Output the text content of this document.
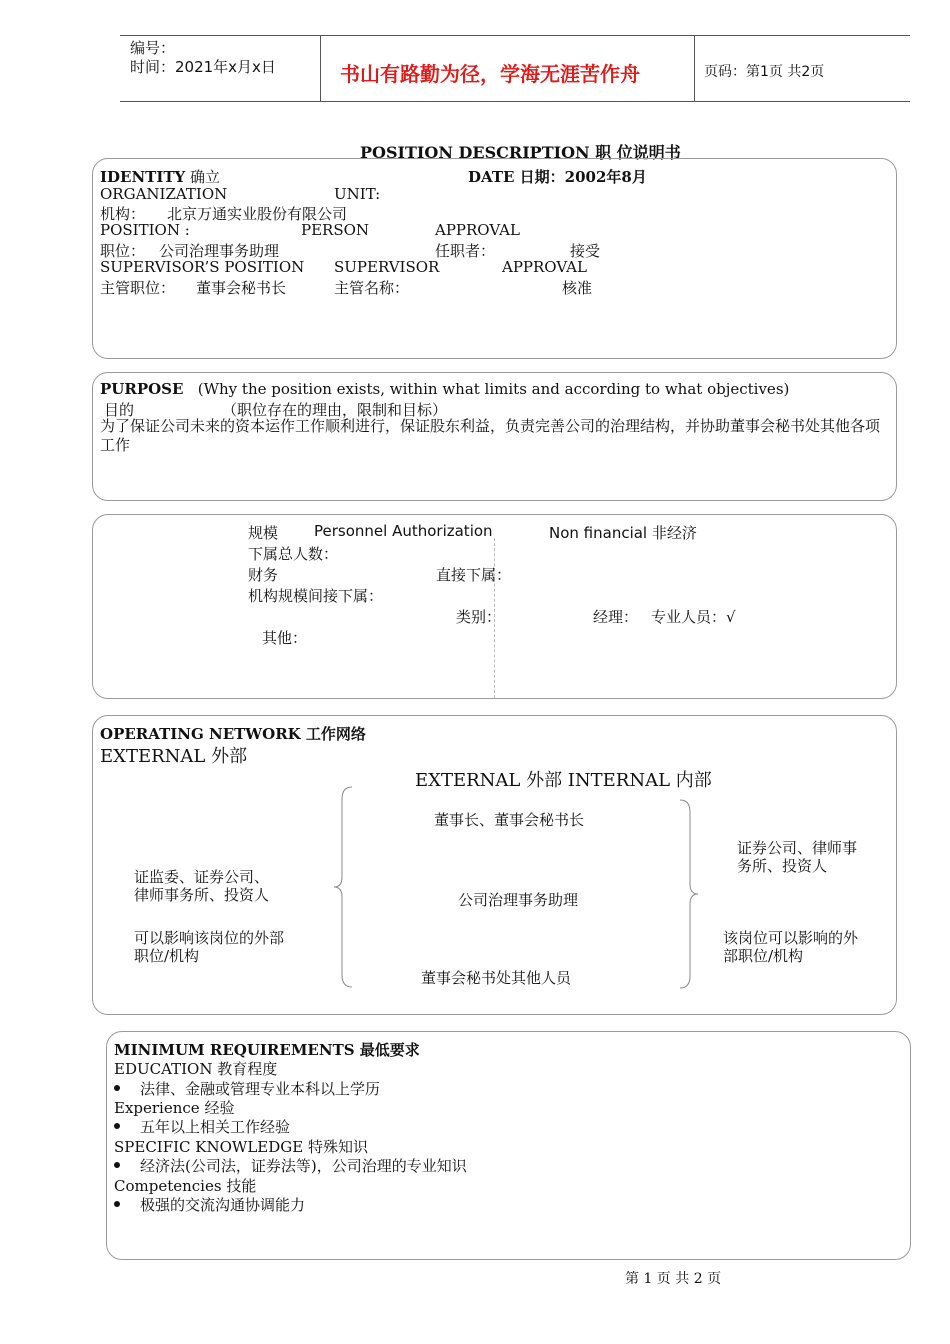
编号：
时间：2021年x月x日	书山有路勤为径，学海无涯苦作舟	页码：第1页 共2页
POSITION DESCRIPTION 职 位说明书
IDENTITY 确立	DATE 日期：2002年8月
ORGANIZATION	UNIT:
机构： 北京万通实业股份有限公司
POSITION :	PERSON	APPROVAL
职位： 公司治理事务助理	任职者：	接受
SUPERVISOR’S POSITION SUPERVISOR	APPROVAL
主管职位： 董事会秘书长	主管名称：	核准
PURPOSE (Why the position exists, within what limits and according to what objectives)
目的	（职位存在的理由，限制和目标）
为了保证公司未来的资本运作工作顺利进行，保证股东利益，负责完善公司的治理结构，并协助董事会秘书处其他各项工作
规模 Personnel Authorization	Non financial 非经济
下属总人数：
财务	直接下属：
机构规模间接下属：
类别：	经理： 专业人员：√
其他：
OPERATING NETWORK 工作网络
EXTERNAL 外部
EXTERNAL 外部 INTERNAL 内部
证监委、证券公司、
律师事务所、投资人
可以影响该岗位的外部
职位/机构
董事长、董事会秘书长
公司治理事务助理
董事会秘书处其他人员
证券公司、律师事
务所、投资人
该岗位可以影响的外
部职位/机构
MINIMUM REQUIREMENTS 最低要求
EDUCATION 教育程度
法律、金融或管理专业本科以上学历
Experience 经验
五年以上相关工作经验
SPECIFIC KNOWLEDGE 特殊知识
经济法(公司法，证券法等)，公司治理的专业知识
Competencies 技能
极强的交流沟通协调能力
第 1 页 共 2 页
